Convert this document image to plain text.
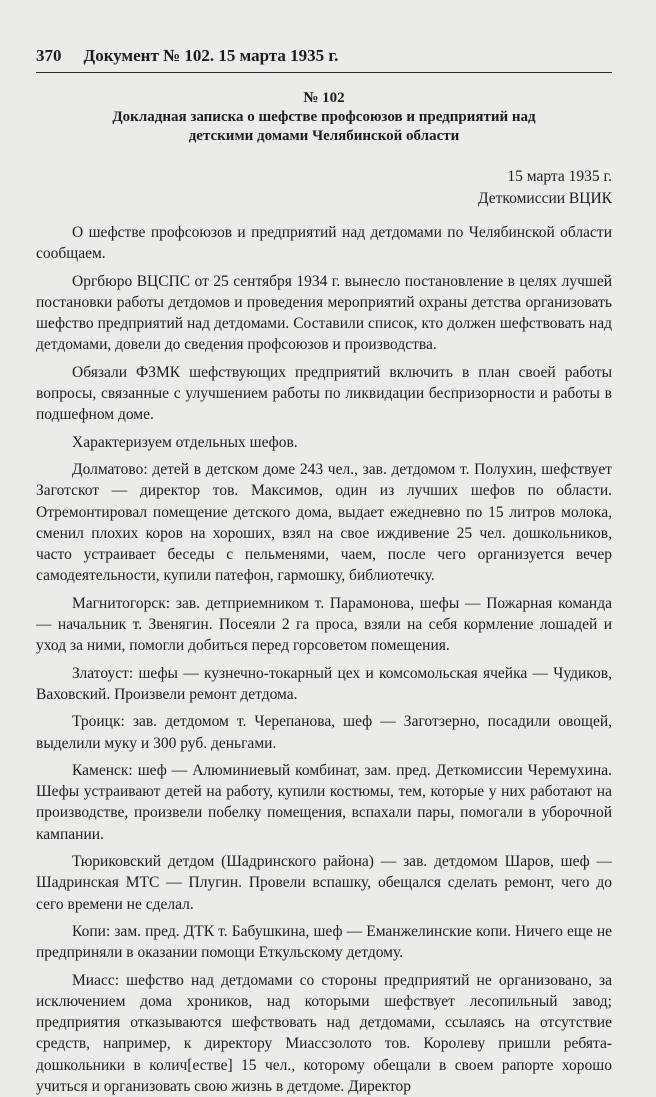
370 Документ № 102. 15 марта 1935 г.
№ 102
Докладная записка о шефстве профсоюзов и предприятий над детскими домами Челябинской области
15 марта 1935 г.
Деткомиссии ВЦИК

О шефстве профсоюзов и предприятий над детдомами по Челябинской области сообщаем.

Оргбюро ВЦСПС от 25 сентября 1934 г. вынесло постановление в целях лучшей постановки работы детдомов и проведения мероприятий охраны детства организовать шефство предприятий над детдомами. Составили список, кто должен шефствовать над детдомами, довели до сведения профсоюзов и производства.

Обязали ФЗМК шефствующих предприятий включить в план своей работы вопросы, связанные с улучшением работы по ликвидации беспризорности и работы в подшефном доме.

Характеризуем отдельных шефов.

Долматово: детей в детском доме 243 чел., зав. детдомом т. Полухин, шефствует Заготскот — директор тов. Максимов, один из лучших шефов по области. Отремонтировал помещение детского дома, выдает ежедневно по 15 литров молока, сменил плохих коров на хороших, взял на свое иждивение 25 чел. дошкольников, часто устраивает беседы с пельменями, чаем, после чего организуется вечер самодеятельности, купили патефон, гармошку, библиотечку.

Магнитогорск: зав. детприемником т. Парамонова, шефы — Пожарная команда — начальник т. Звенягин. Посеяли 2 га проса, взяли на себя кормление лошадей и уход за ними, помогли добиться перед горсоветом помещения.

Златоуст: шефы — кузнечно-токарный цех и комсомольская ячейка — Чудиков, Ваховский. Произвели ремонт детдома.

Троицк: зав. детдомом т. Черепанова, шеф — Заготзерно, посадили овощей, выделили муку и 300 руб. деньгами.

Каменск: шеф — Алюминиевый комбинат, зам. пред. Деткомиссии Черемухина. Шефы устраивают детей на работу, купили костюмы, тем, которые у них работают на производстве, произвели побелку помещения, вспахали пары, помогали в уборочной кампании.

Тюриковский детдом (Шадринского района) — зав. детдомом Шаров, шеф — Шадринская МТС — Плугин. Провели вспашку, обещался сделать ремонт, чего до сего времени не сделал.

Копи: зам. пред. ДТК т. Бабушкина, шеф — Еманжелинские копи. Ничего еще не предприняли в оказании помощи Еткульскому детдому.

Миасс: шефство над детдомами со стороны предприятий не организовано, за исключением дома хроников, над которыми шефствует лесопильный завод; предприятия отказываются шефствовать над детдомами, ссылаясь на отсутствие средств, например, к директору Миассзолото тов. Королеву пришли ребята-дошкольники в колич[естве] 15 чел., которому обещали в своем рапорте хорошо учиться и организовать свою жизнь в детдоме. Директор
